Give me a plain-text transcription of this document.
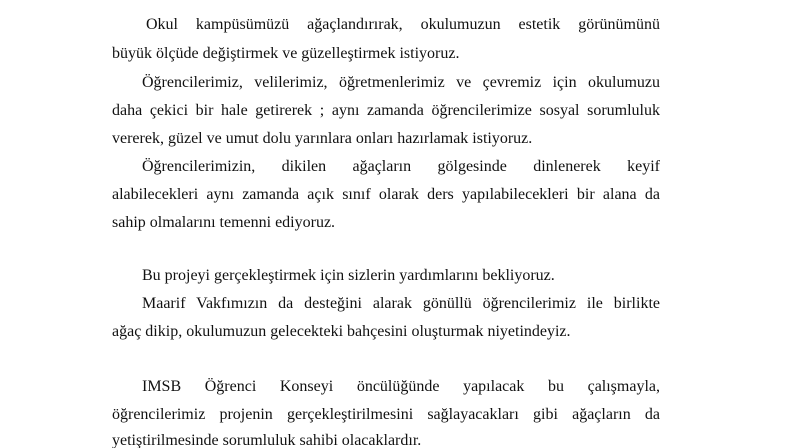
Okul kampüsümüzü ağaçlandırırak, okulumuzun estetik görünümünü

büyük ölçüde değiştirmek ve güzelleştirmek istiyoruz.

Öğrencilerimiz, velilerimiz, öğretmenlerimiz ve çevremiz için okulumuzu

daha çekici bir hale getirerek ; aynı zamanda öğrencilerimize sosyal sorumluluk

vererek, güzel ve umut dolu yarınlara onları hazırlamak istiyoruz.

Öğrencilerimizin, dikilen ağaçların gölgesinde dinlenerek keyif

alabilecekleri aynı zamanda açık sınıf olarak ders yapılabilecekleri bir alana da

sahip olmalarını temenni ediyoruz.

Bu projeyi gerçekleştirmek için sizlerin yardımlarını bekliyoruz.

Maarif Vakfımızın da desteğini alarak gönüllü öğrencilerimiz ile birlikte

ağaç dikip, okulumuzun gelecekteki bahçesini oluşturmak niyetindeyiz.

IMSB Öğrenci Konseyi öncülüğünde yapılacak bu çalışmayla,

öğrencilerimiz projenin gerçekleştirilmesini sağlayacakları gibi ağaçların da

yetiştirilmesinde sorumluluk sahibi olacaklardır.
